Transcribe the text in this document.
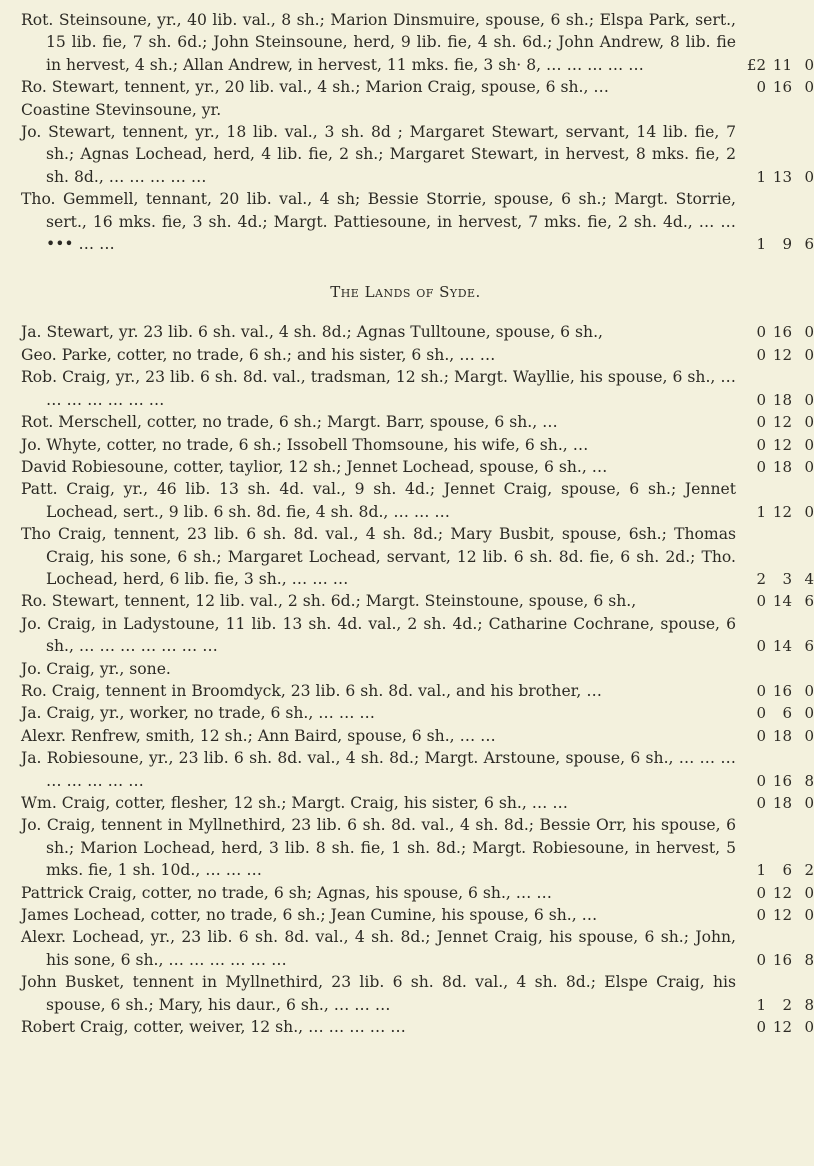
Rot. Steinsoune, yr., 40 lib. val., 8 sh.; Marion Dinsmuire, spouse, 6 sh.; Elspa Park, sert., 15 lib. fie, 7 sh. 6d.; John Steinsoune, herd, 9 lib. fie, 4 sh. 6d.; John Andrew, 8 lib. fie in hervest, 4 sh.; Allan Andrew, in hervest, 11 mks. fie, 3 sh· 8, … … … … …	£2 11 0
Ro. Stewart, tennent, yr., 20 lib. val., 4 sh.; Marion Craig, spouse, 6 sh., …	0 16 0
Coastine Stevinsoune, yr.
Jo. Stewart, tennent, yr., 18 lib. val., 3 sh. 8d ; Margaret Stewart, servant, 14 lib. fie, 7 sh.; Agnas Lochead, herd, 4 lib. fie, 2 sh.; Margaret Stewart, in hervest, 8 mks. fie, 2 sh. 8d., … … … … …	1 13 0
Tho. Gemmell, tennant, 20 lib. val., 4 sh; Bessie Storrie, spouse, 6 sh.; Margt. Storrie, sert., 16 mks. fie, 3 sh. 4d.; Margt. Pattiesoune, in hervest, 7 mks. fie, 2 sh. 4d., … … ••• … …	1	9 6
The Lands of Syde.
Ja. Stewart, yr. 23 lib. 6 sh. val., 4 sh. 8d.; Agnas Tulltoune, spouse, 6 sh.,	0 16 0
Geo. Parke, cotter, no trade, 6 sh.; and his sister, 6 sh., … …	0 12 0
Rob. Craig, yr., 23 lib. 6 sh. 8d. val., tradsman, 12 sh.; Margt. Wayllie, his spouse, 6 sh., … … … … … … …	0 18 0
Rot. Merschell, cotter, no trade, 6 sh.; Margt. Barr, spouse, 6 sh., …	0 12 0
Jo. Whyte, cotter, no trade, 6 sh.; Issobell Thomsoune, his wife, 6 sh., …	0 12 0
David Robiesoune, cotter, taylior, 12 sh.; Jennet Lochead, spouse, 6 sh., …	0 18 0
Patt. Craig, yr., 46 lib. 13 sh. 4d. val., 9 sh. 4d.; Jennet Craig, spouse, 6 sh.; Jennet Lochead, sert., 9 lib. 6 sh. 8d. fie, 4 sh. 8d., … … …	1 12 0
Tho Craig, tennent, 23 lib. 6 sh. 8d. val., 4 sh. 8d.; Mary Busbit, spouse, 6sh.; Thomas Craig, his sone, 6 sh.; Margaret Lochead, servant, 12 lib. 6 sh. 8d. fie, 6 sh. 2d.; Tho. Lochead, herd, 6 lib. fie, 3 sh., … … …	2	3 4
Ro. Stewart, tennent, 12 lib. val., 2 sh. 6d.; Margt. Steinstoune, spouse, 6 sh.,	0 14 6
Jo. Craig, in Ladystoune, 11 lib. 13 sh. 4d. val., 2 sh. 4d.; Catharine Cochrane, spouse, 6 sh., … … … … … … …	0 14 6
Jo. Craig, yr., sone.
Ro. Craig, tennent in Broomdyck, 23 lib. 6 sh. 8d. val., and his brother, …	0 16 0
Ja. Craig, yr., worker, no trade, 6 sh., … … …	0	6 0
Alexr. Renfrew, smith, 12 sh.; Ann Baird, spouse, 6 sh., … …	0 18 0
Ja. Robiesoune, yr., 23 lib. 6 sh. 8d. val., 4 sh. 8d.; Margt. Arstoune, spouse, 6 sh., … … … … … … … …	0 16 8
Wm. Craig, cotter, flesher, 12 sh.; Margt. Craig, his sister, 6 sh., … …	0 18 0
Jo. Craig, tennent in Myllnethird, 23 lib. 6 sh. 8d. val., 4 sh. 8d.; Bessie Orr, his spouse, 6 sh.; Marion Lochead, herd, 3 lib. 8 sh. fie, 1 sh. 8d.; Margt. Robiesoune, in hervest, 5 mks. fie, 1 sh. 10d., … … …	1	6 2
Pattrick Craig, cotter, no trade, 6 sh; Agnas, his spouse, 6 sh., … …	0 12 0
James Lochead, cotter, no trade, 6 sh.; Jean Cumine, his spouse, 6 sh., …	0 12 0
Alexr. Lochead, yr., 23 lib. 6 sh. 8d. val., 4 sh. 8d.; Jennet Craig, his spouse, 6 sh.; John, his sone, 6 sh., … … … … … …	0 16 8
John Busket, tennent in Myllnethird, 23 lib. 6 sh. 8d. val., 4 sh. 8d.; Elspe Craig, his spouse, 6 sh.; Mary, his daur., 6 sh., … … …	1	2 8
Robert Craig, cotter, weiver, 12 sh., … … … … …	0 12 0
